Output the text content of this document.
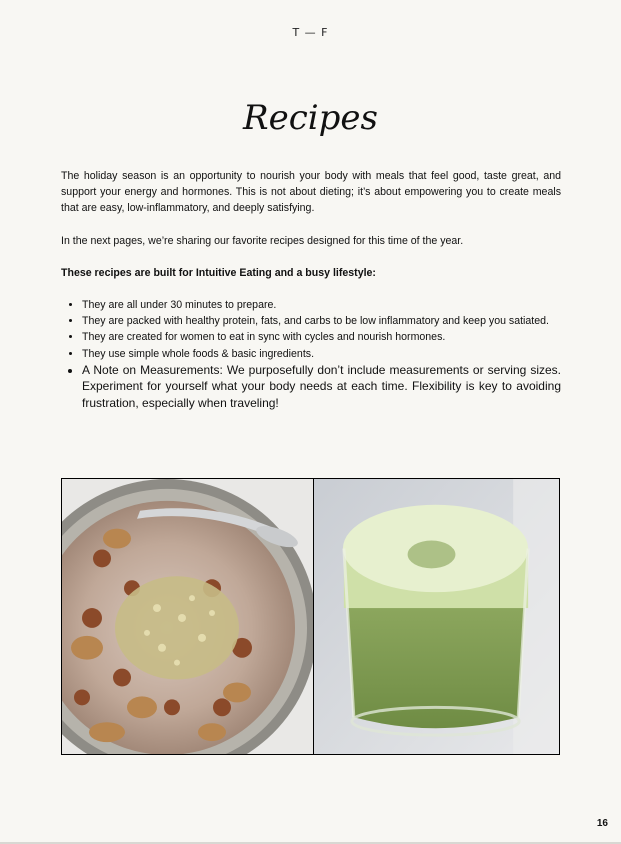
T — F
Recipes

The holiday season is an opportunity to nourish your body with meals that feel good, taste great, and support your energy and hormones. This is not about dieting; it’s about empowering you to create meals that are easy, low-inflammatory, and deeply satisfying.

In the next pages, we’re sharing our favorite recipes designed for this time of the year.

These recipes are built for Intuitive Eating and a busy lifestyle:

• They are all under 30 minutes to prepare.
• They are packed with healthy protein, fats, and carbs to be low inflammatory and keep you satiated.
• They are created for women to eat in sync with cycles and nourish hormones.
• They use simple whole foods & basic ingredients.
• A Note on Measurements: We purposefully don’t include measurements or serving sizes. Experiment for yourself what your body needs at each time. Flexibility is key to avoiding frustration, especially when traveling!
16
